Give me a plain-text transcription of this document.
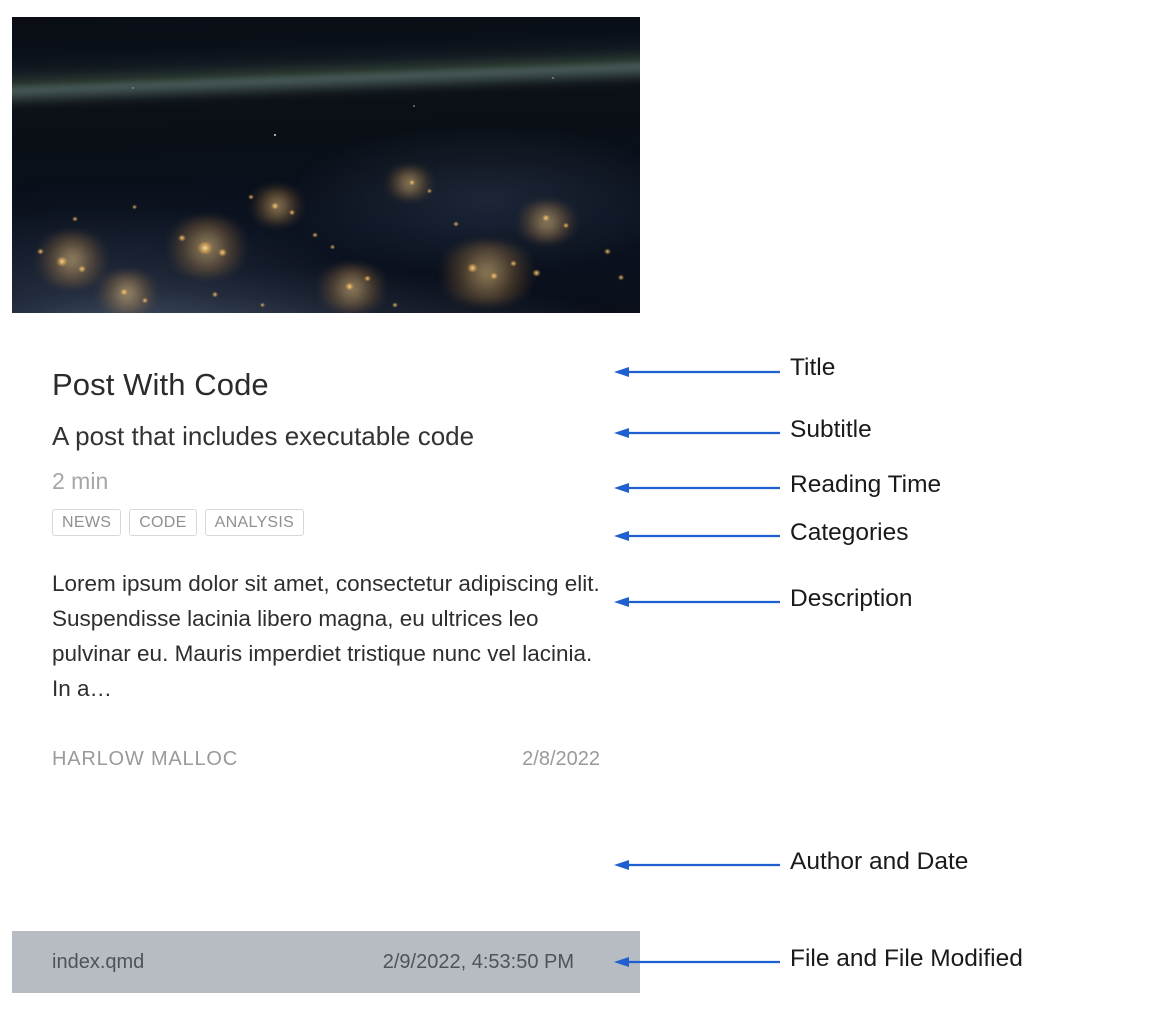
Post With Code
A post that includes executable code
2 min
NEWS	CODE	ANALYSIS
Lorem ipsum dolor sit amet, consectetur adipiscing elit. Suspendisse lacinia libero magna, eu ultrices leo pulvinar eu. Mauris imperdiet tristique nunc vel lacinia. In a…
HARLOW MALLOC	2/8/2022
index.qmd	2/9/2022, 4:53:50 PM
Title
Subtitle
Reading Time
Categories
Description
Author and Date
File and File Modified
